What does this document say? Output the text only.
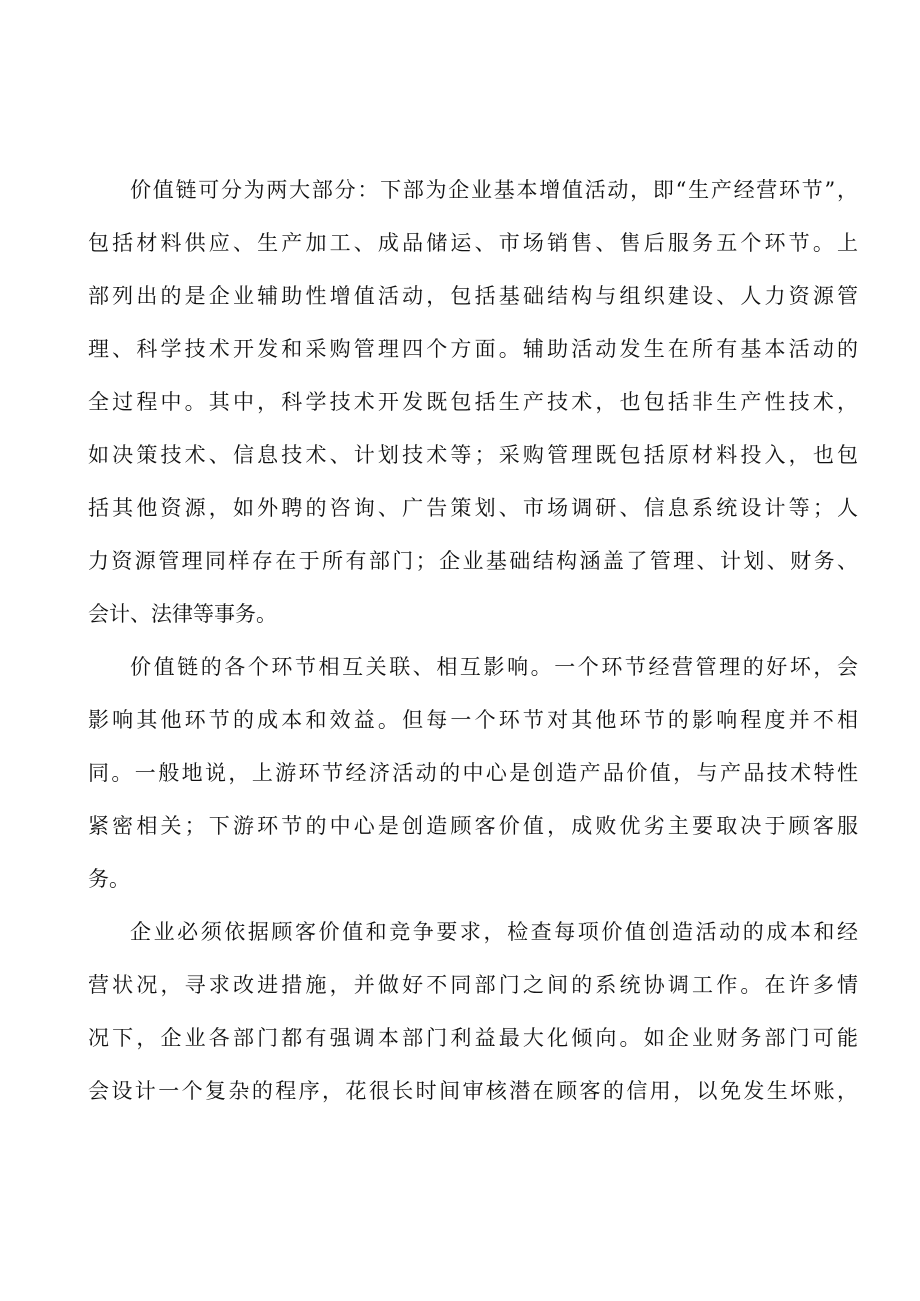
价值链可分为两大部分：下部为企业基本增值活动，即“生产经营环节”，
包括材料供应、生产加工、成品储运、市场销售、售后服务五个环节。上
部列出的是企业辅助性增值活动，包括基础结构与组织建设、人力资源管
理、科学技术开发和采购管理四个方面。辅助活动发生在所有基本活动的
全过程中。其中，科学技术开发既包括生产技术，也包括非生产性技术，
如决策技术、信息技术、计划技术等；采购管理既包括原材料投入，也包
括其他资源，如外聘的咨询、广告策划、市场调研、信息系统设计等；人
力资源管理同样存在于所有部门；企业基础结构涵盖了管理、计划、财务、
会计、法律等事务。
价值链的各个环节相互关联、相互影响。一个环节经营管理的好坏，会
影响其他环节的成本和效益。但每一个环节对其他环节的影响程度并不相
同。一般地说，上游环节经济活动的中心是创造产品价值，与产品技术特性
紧密相关；下游环节的中心是创造顾客价值，成败优劣主要取决于顾客服
务。
企业必须依据顾客价值和竞争要求，检查每项价值创造活动的成本和经
营状况，寻求改进措施，并做好不同部门之间的系统协调工作。在许多情
况下，企业各部门都有强调本部门利益最大化倾向。如企业财务部门可能
会设计一个复杂的程序，花很长时间审核潜在顾客的信用，以免发生坏账，
